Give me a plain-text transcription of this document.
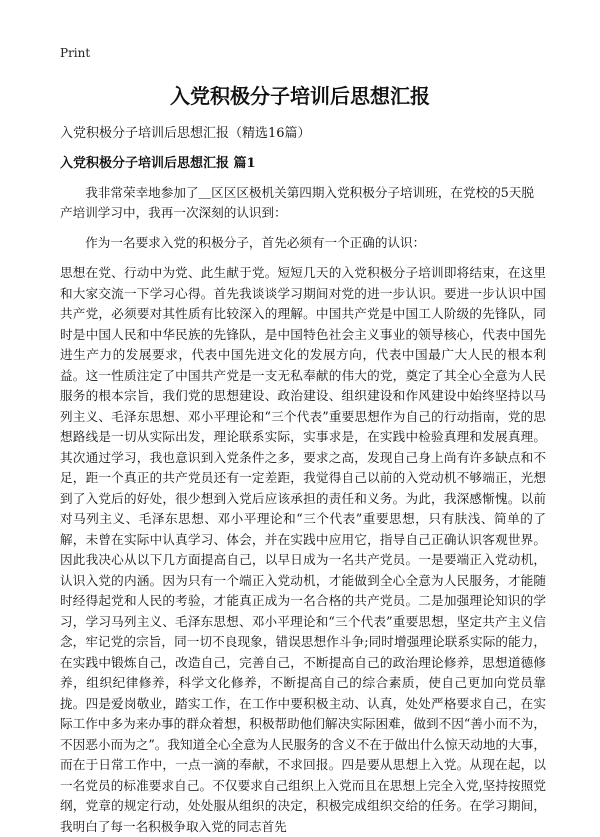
Print
入党积极分子培训后思想汇报
入党积极分子培训后思想汇报（精选16篇）
入党积极分子培训后思想汇报 篇1
我非常荣幸地参加了＿区区区极机关第四期入党积极分子培训班，在党校的5天脱产培训学习中，我再一次深刻的认识到：
作为一名要求入党的积极分子，首先必须有一个正确的认识：
思想在党、行动中为党、此生献于党。短短几天的入党积极分子培训即将结束，在这里和大家交流一下学习心得。首先我谈谈学习期间对党的进一步认识。要进一步认识中国共产党，必须要对其性质有比较深入的理解。中国共产党是中国工人阶级的先锋队，同时是中国人民和中华民族的先锋队，是中国特色社会主义事业的领导核心，代表中国先进生产力的发展要求，代表中国先进文化的发展方向，代表中国最广大人民的根本利益。这一性质注定了中国共产党是一支无私奉献的伟大的党，奠定了其全心全意为人民服务的根本宗旨，我们党的思想建设、政治建设、组织建设和作风建设中始终坚持以马列主义、毛泽东思想、邓小平理论和“三个代表”重要思想作为自己的行动指南，党的思想路线是一切从实际出发，理论联系实际，实事求是，在实践中检验真理和发展真理。其次通过学习，我也意识到入党条件之多，要求之高，发现自己身上尚有许多缺点和不足，距一个真正的共产党员还有一定差距，我觉得自己以前的入党动机不够端正，光想到了入党后的好处，很少想到入党后应该承担的责任和义务。为此，我深感惭愧。以前对马列主义、毛泽东思想、邓小平理论和“三个代表”重要思想，只有肤浅、简单的了解，未曾在实际中认真学习、体会，并在实践中应用它，指导自己正确认识客观世界。因此我决心从以下几方面提高自己，以早日成为一名共产党员。一是要端正入党动机，认识入党的内涵。因为只有一个端正入党动机，才能做到全心全意为人民服务，才能随时经得起党和人民的考验，才能真正成为一名合格的共产党员。二是加强理论知识的学习，学习马列主义、毛泽东思想、邓小平理论和“三个代表”重要思想，坚定共产主义信念，牢记党的宗旨，同一切不良现象，错误思想作斗争;同时增强理论联系实际的能力，在实践中锻炼自己，改造自己，完善自己，不断提高自己的政治理论修养，思想道德修养，组织纪律修养，科学文化修养，不断提高自己的综合素质，使自己更加向党员靠拢。四是爱岗敬业，踏实工作，在工作中要积极主动、认真，处处严格要求自己，在实际工作中多为来办事的群众着想，积极帮助他们解决实际困难，做到不因“善小而不为，不因恶小而为之”。我知道全心全意为人民服务的含义不在于做出什么惊天动地的大事，而在于日常工作中，一点一滴的奉献，不求回报。四是要从思想上入党。从现在起，以一名党员的标准要求自己。不仅要求自己组织上入党而且在思想上完全入党,坚持按照党纲，党章的规定行动，处处服从组织的决定，积极完成组织交给的任务。在学习期间，我明白了每一名积极争取入党的同志首先
